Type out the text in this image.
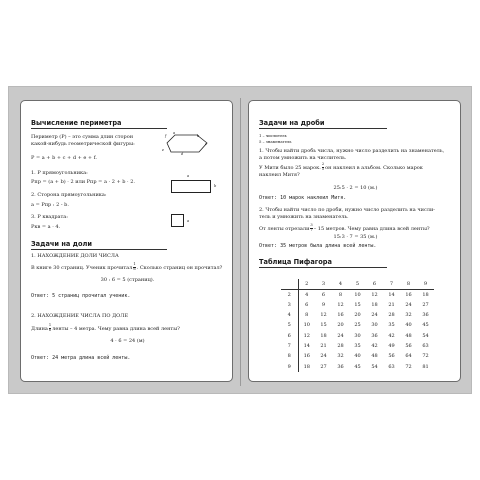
Вычисление периметра
Периметр (Р) – это сумма длин сторон
какой-нибудь геометрической фигуры:
a
b
c
d
e
f
Р = a + b + c + d + e + f.
1. Р прямоугольника:
Рпр = (a + b) · 2 или Рпр = a · 2 + b · 2.
a
b
2. Сторона прямоугольника:
а = Рпр : 2 - b.
3. Р квадрата:
a
Ркв = а · 4.
Задачи на доли
1. НАХОЖДЕНИЕ ДОЛИ ЧИСЛА
В книге 30 страниц. Ученик прочитал $\frac{1}{6}$ . Сколько страниц он прочитал?
30 : 6 = 5 (страниц).
Ответ: 5 страниц прочитал ученик.
2. НАХОЖДЕНИЕ ЧИСЛА ПО ДОЛЕ
Длина $\frac{1}{6}$ ленты – 4 метра. Чему равна длина всей ленты?
4 · 6 = 24 (м)
Ответ: 24 метра длина всей ленты.
Задачи на дроби
1 – числитель
5 – знаменатель
1. Чтобы найти дробь числа, нужно число разделить на знаменатель,
а потом умножить на числитель.
У Мити было 25 марок. $\frac{2}{5}$ он наклеил в альбом. Сколько марок
наклеил Митя?
25:5 · 2 = 10 (м.)
Ответ: 10 марок наклеил Митя.
2. Чтобы найти число по дроби, нужно число разделить на числи-
тель и умножить на знаменатель.
От ленты отрезали $\frac{3}{7} - 15$ метров. Чему равна длина всей ленты?
15:3 · 7 = 35 (м.)
Ответ: 35 метров была длина всей ленты.
Таблица Пифагора
	2	3	4	5	6	7	8	9
2	4	6	8	10	12	14	16	18
3	6	9	12	15	18	21	24	27
4	8	12	16	20	24	28	32	36
5	10	15	20	25	30	35	40	45
6	12	18	24	30	36	42	48	54
7	14	21	28	35	42	49	56	63
8	16	24	32	40	48	56	64	72
9	18	27	36	45	54	63	72	81
